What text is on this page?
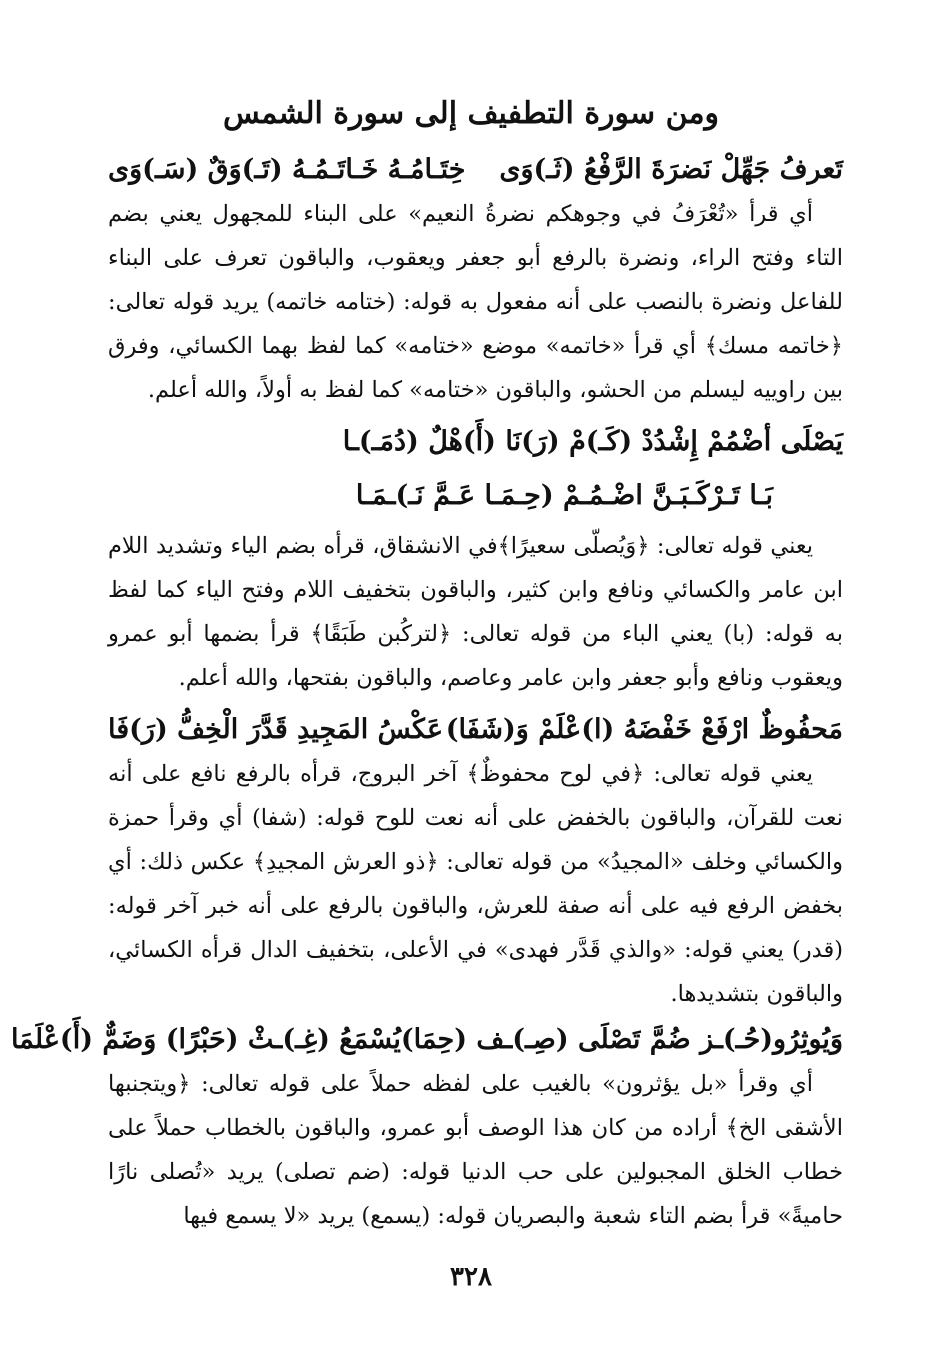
ومن سورة التطفيف إلى سورة الشمس
تَعرفُ جَهِّلْ نَضرَةَ الرَّفْعُ (ثَـ)وَى
خِتَـامُـهُ خَـاتَـمُـهُ (تَـ)وَقٌ (سَـ)وَى
أي قرأ «تُعْرَفُ في وجوهكم نضرةُ النعيم» على البناء للمجهول يعني بضم التاء وفتح الراء، ونضرة بالرفع أبو جعفر ويعقوب، والباقون تعرف على البناء للفاعل ونضرة بالنصب على أنه مفعول به قوله: (ختامه خاتمه) يريد قوله تعالى: ﴿خاتمه مسك﴾ أي قرأ «خاتمه» موضع «ختامه» كما لفظ بهما الكسائي، وفرق بين راوييه ليسلم من الحشو، والباقون «ختامه» كما لفظ به أولاً، والله أعلم.
يَصْلَى أضْمُمْ إِشْدُدْ (كَـ)مْ (رَ)نَا (أَ)هْلٌ (دُمَـ)ـا
بَـا تَـرْكَـبَـنَّ اضْـمُـمْ (حِـمَـا عَـمَّ نَـ)ـمَـا
يعني قوله تعالى: ﴿وَيُصلّى سعيرًا﴾في الانشقاق، قرأه بضم الياء وتشديد اللام ابن عامر والكسائي ونافع وابن كثير، والباقون بتخفيف اللام وفتح الياء كما لفظ به قوله: (با) يعني الباء من قوله تعالى: ﴿لتركُبن طَبَقًا﴾ قرأ بضمها أبو عمرو ويعقوب ونافع وأبو جعفر وابن عامر وعاصم، والباقون بفتحها، والله أعلم.
مَحفُوظٌ ارْفَعْ خَفْضَهُ (ا)عْلَمْ وَ(شَفَا)
عَكْسُ المَجِيدِ قَدَّرَ الْخِفُّ (رَ)فَا
يعني قوله تعالى: ﴿في لوح محفوظٌ﴾ آخر البروج، قرأه بالرفع نافع على أنه نعت للقرآن، والباقون بالخفض على أنه نعت للوح قوله: (شفا) أي وقرأ حمزة والكسائي وخلف «المجيدُ» من قوله تعالى: ﴿ذو العرش المجيدِ﴾ عكس ذلك: أي بخفض الرفع فيه على أنه صفة للعرش، والباقون بالرفع على أنه خبر آخر قوله: (قدر) يعني قوله: «والذي قَدَّر فهدى» في الأعلى، بتخفيف الدال قرأه الكسائي، والباقون بتشديدها.
وَيُوثِرُو(حُـ)ـز ضُمَّ تَصْلَى (صِـ)ـف (حِمَا)
يُسْمَعُ (غِـ)ـثْ (حَبْرًا) وَضَمٌّ (أَ)عْلَمَا
أي وقرأ «بل يؤثرون» بالغيب على لفظه حملاً على قوله تعالى: ﴿ويتجنبها الأشقى الخ﴾ أراده من كان هذا الوصف أبو عمرو، والباقون بالخطاب حملاً على خطاب الخلق المجبولين على حب الدنيا قوله: (ضم تصلى) يريد «تُصلى نارًا حاميةً» قرأ بضم التاء شعبة والبصريان قوله: (يسمع) يريد «لا يسمع فيها
٣٢٨
